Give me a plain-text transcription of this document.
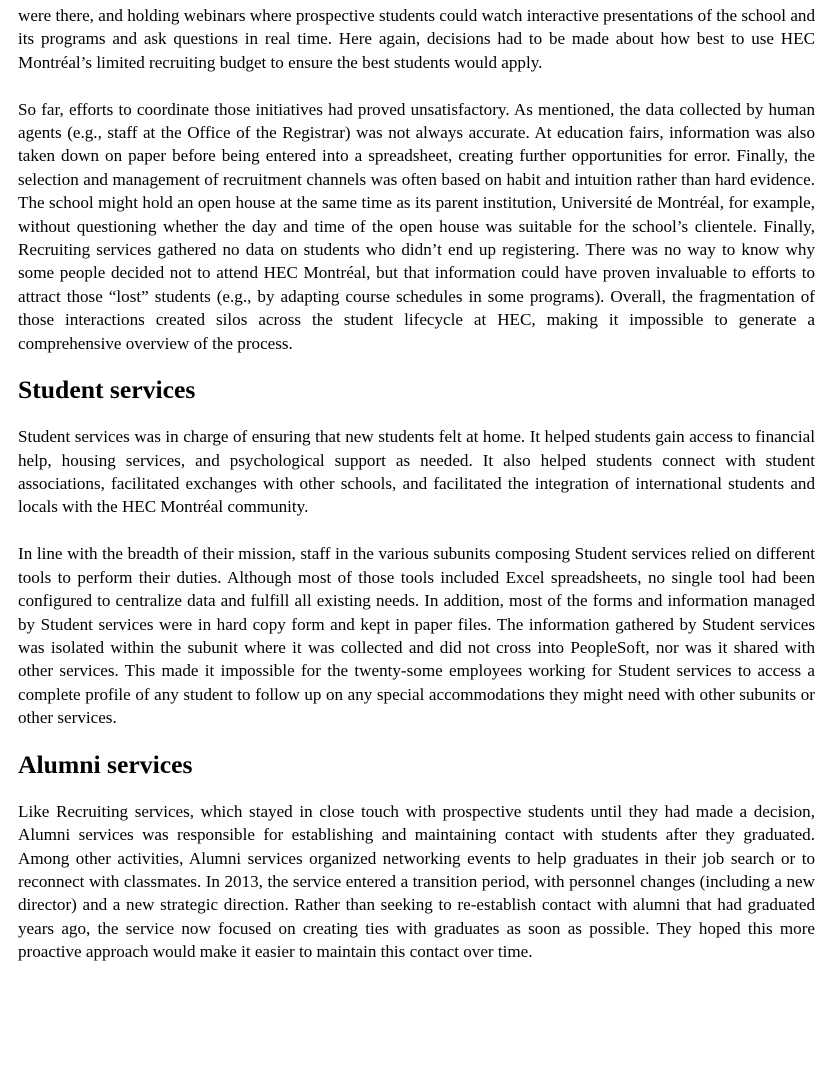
were there, and holding webinars where prospective students could watch interactive presentations of the school and its programs and ask questions in real time. Here again, decisions had to be made about how best to use HEC Montréal’s limited recruiting budget to ensure the best students would apply.

So far, efforts to coordinate those initiatives had proved unsatisfactory. As mentioned, the data collected by human agents (e.g., staff at the Office of the Registrar) was not always accurate. At education fairs, information was also taken down on paper before being entered into a spreadsheet, creating further opportunities for error. Finally, the selection and management of recruitment channels was often based on habit and intuition rather than hard evidence. The school might hold an open house at the same time as its parent institution, Université de Montréal, for example, without questioning whether the day and time of the open house was suitable for the school’s clientele. Finally, Recruiting services gathered no data on students who didn’t end up registering. There was no way to know why some people decided not to attend HEC Montréal, but that information could have proven invaluable to efforts to attract those “lost” students (e.g., by adapting course schedules in some programs). Overall, the fragmentation of those interactions created silos across the student lifecycle at HEC, making it impossible to generate a comprehensive overview of the process.

Student services

Student services was in charge of ensuring that new students felt at home. It helped students gain access to financial help, housing services, and psychological support as needed. It also helped students connect with student associations, facilitated exchanges with other schools, and facilitated the integration of international students and locals with the HEC Montréal community.

In line with the breadth of their mission, staff in the various subunits composing Student services relied on different tools to perform their duties. Although most of those tools included Excel spreadsheets, no single tool had been configured to centralize data and fulfill all existing needs. In addition, most of the forms and information managed by Student services were in hard copy form and kept in paper files. The information gathered by Student services was isolated within the subunit where it was collected and did not cross into PeopleSoft, nor was it shared with other services. This made it impossible for the twenty-some employees working for Student services to access a complete profile of any student to follow up on any special accommodations they might need with other subunits or other services.

Alumni services

Like Recruiting services, which stayed in close touch with prospective students until they had made a decision, Alumni services was responsible for establishing and maintaining contact with students after they graduated. Among other activities, Alumni services organized networking events to help graduates in their job search or to reconnect with classmates. In 2013, the service entered a transition period, with personnel changes (including a new director) and a new strategic direction. Rather than seeking to re-establish contact with alumni that had graduated years ago, the service now focused on creating ties with graduates as soon as possible. They hoped this more proactive approach would make it easier to maintain this contact over time.
